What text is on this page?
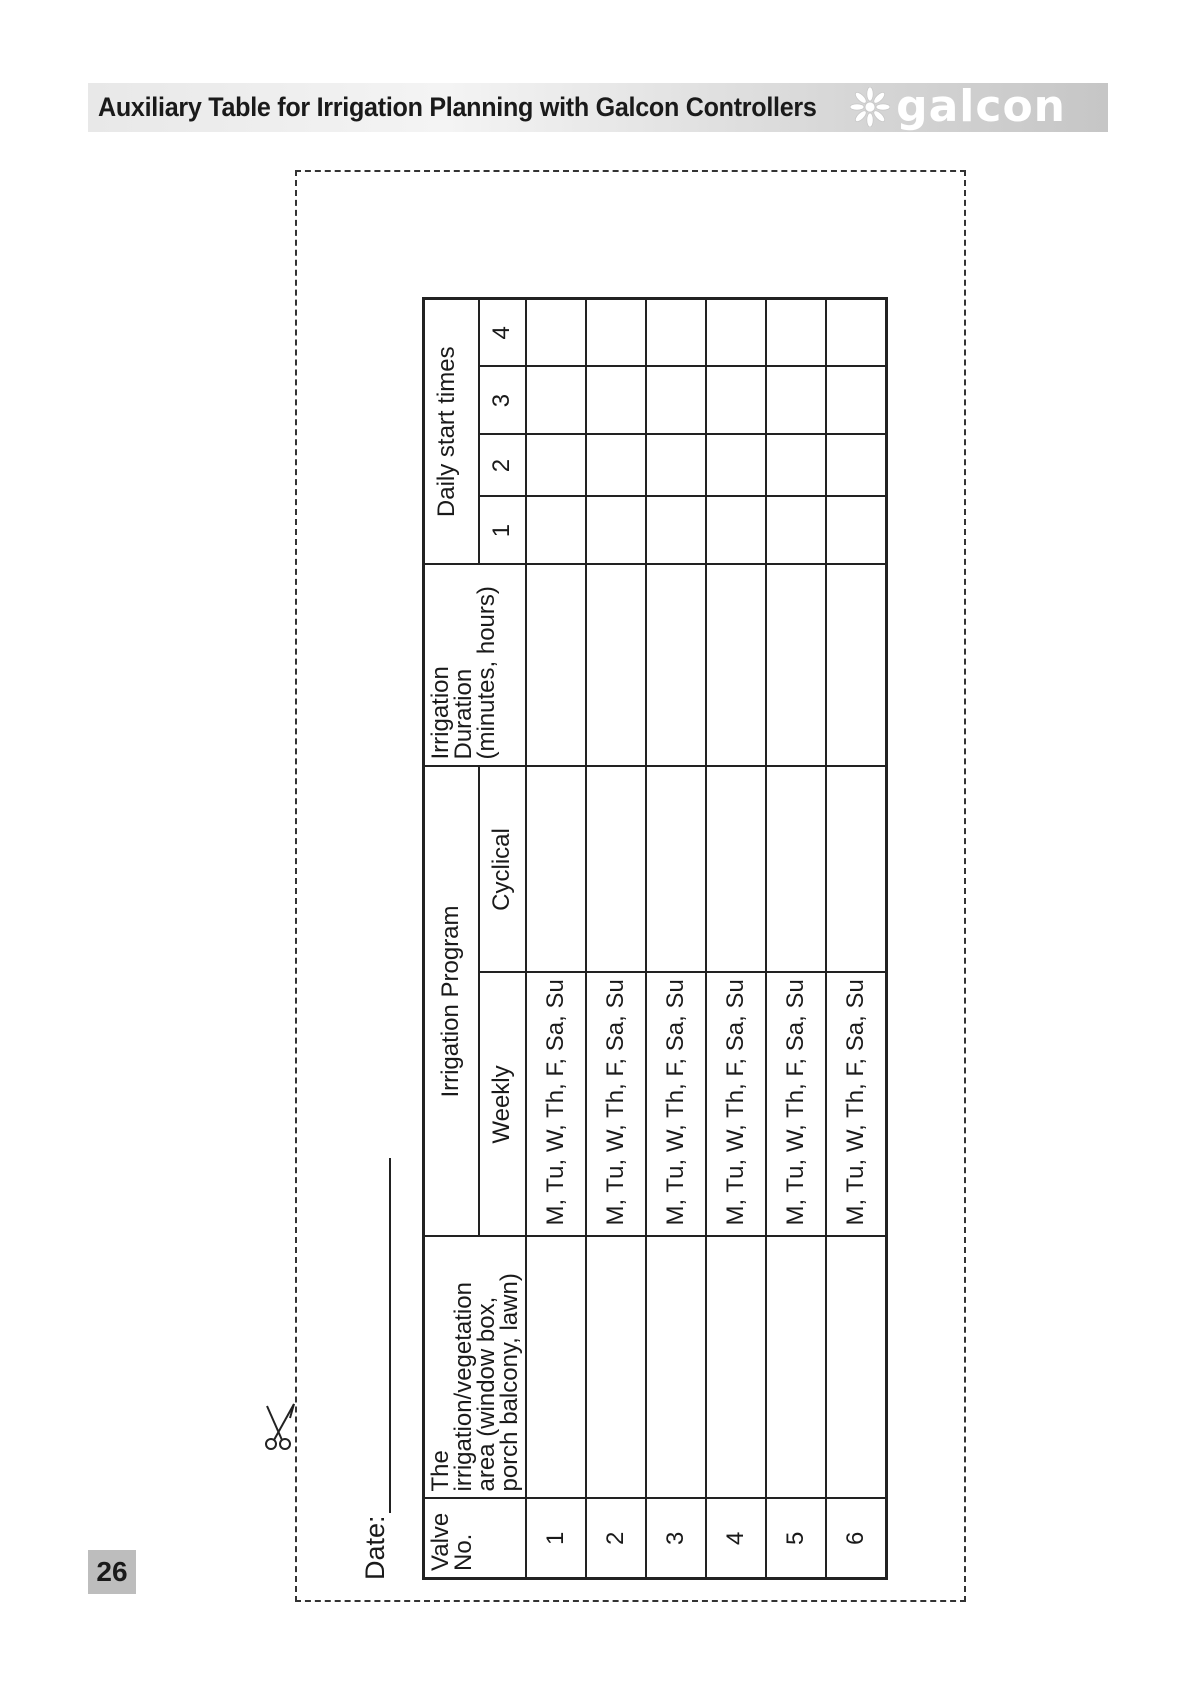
Auxiliary Table for Irrigation Planning with Galcon Controllers galcon
26	Date:	Valve No.	The irrigation/vegetation area (window box, porch balcony, lawn)	Irrigation Program		Irrigation Duration (minutes, hours)	Daily start times			
		Weekly	Cyclical		1	2	3	4
1		M, Tu, W, Th, F, Sa, Su						
2		M, Tu, W, Th, F, Sa, Su						
3		M, Tu, W, Th, F, Sa, Su						
4		M, Tu, W, Th, F, Sa, Su						
5		M, Tu, W, Th, F, Sa, Su						
6		M, Tu, W, Th, F, Sa, Su						
